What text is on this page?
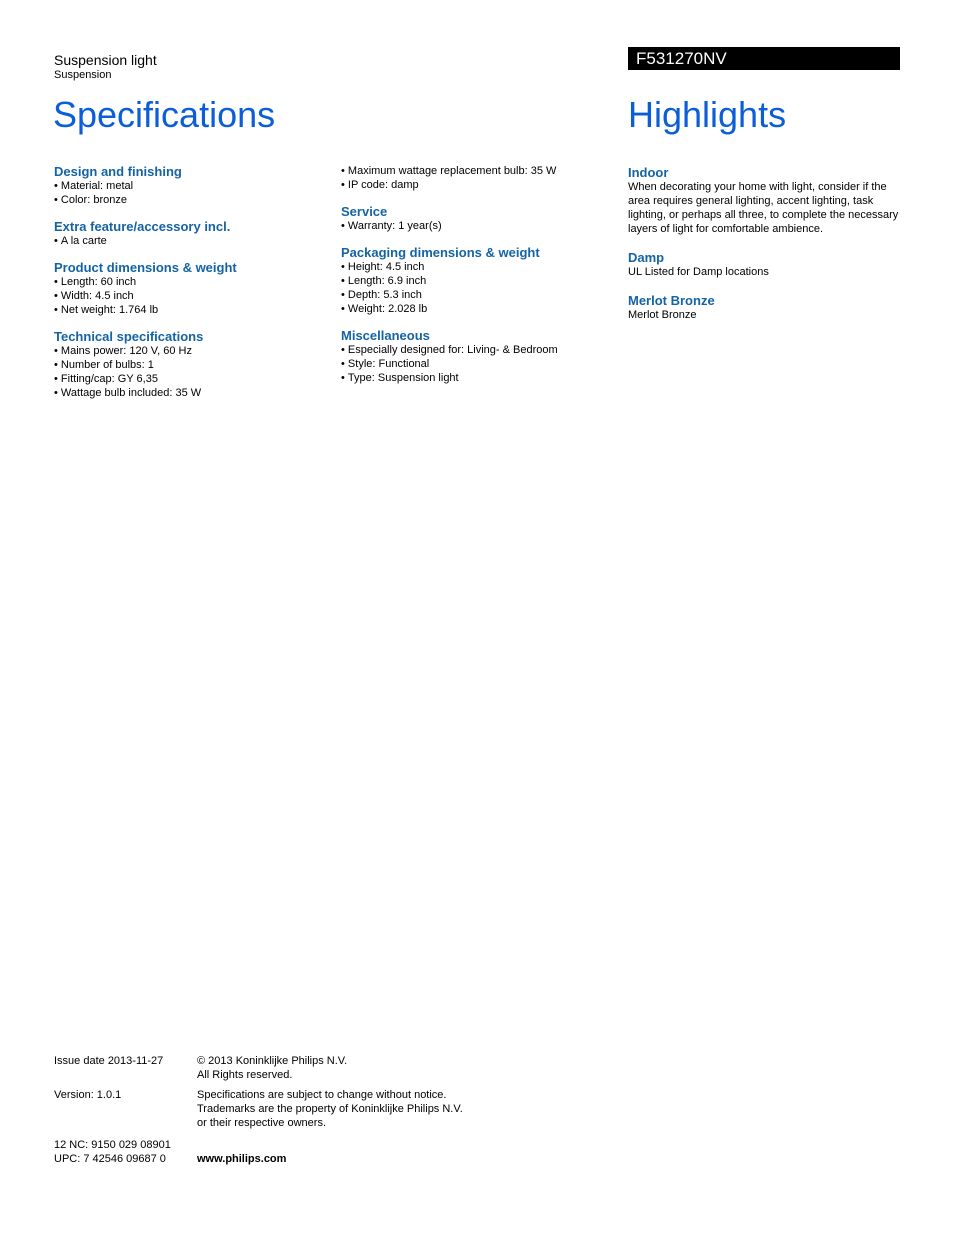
Suspension light
Suspension
F531270NV
Specifications	Highlights
Design and finishing
• Material: metal
• Color: bronze
Extra feature/accessory incl.
• A la carte
Product dimensions & weight
• Length: 60 inch
• Width: 4.5 inch
• Net weight: 1.764 lb
Technical specifications
• Mains power: 120 V, 60 Hz
• Number of bulbs: 1
• Fitting/cap: GY 6,35
• Wattage bulb included: 35 W
• Maximum wattage replacement bulb: 35 W
• IP code: damp
Service
• Warranty: 1 year(s)
Packaging dimensions & weight
• Height: 4.5 inch
• Length: 6.9 inch
• Depth: 5.3 inch
• Weight: 2.028 lb
Miscellaneous
• Especially designed for: Living- & Bedroom
• Style: Functional
• Type: Suspension light
Indoor

When decorating your home with light, consider if the area requires general lighting, accent lighting, task lighting, or perhaps all three, to complete the necessary layers of light for comfortable ambience.

Damp

UL Listed for Damp locations

Merlot Bronze

Merlot Bronze

Issue date 2013-11-27	© 2013 Koninklijke Philips N.V.
All Rights reserved.
Version: 1.0.1	Specifications are subject to change without notice.
Trademarks are the property of Koninklijke Philips N.V.
or their respective owners.
12 NC: 9150 029 08901
UPC: 7 42546 09687 0	www.philips.com
